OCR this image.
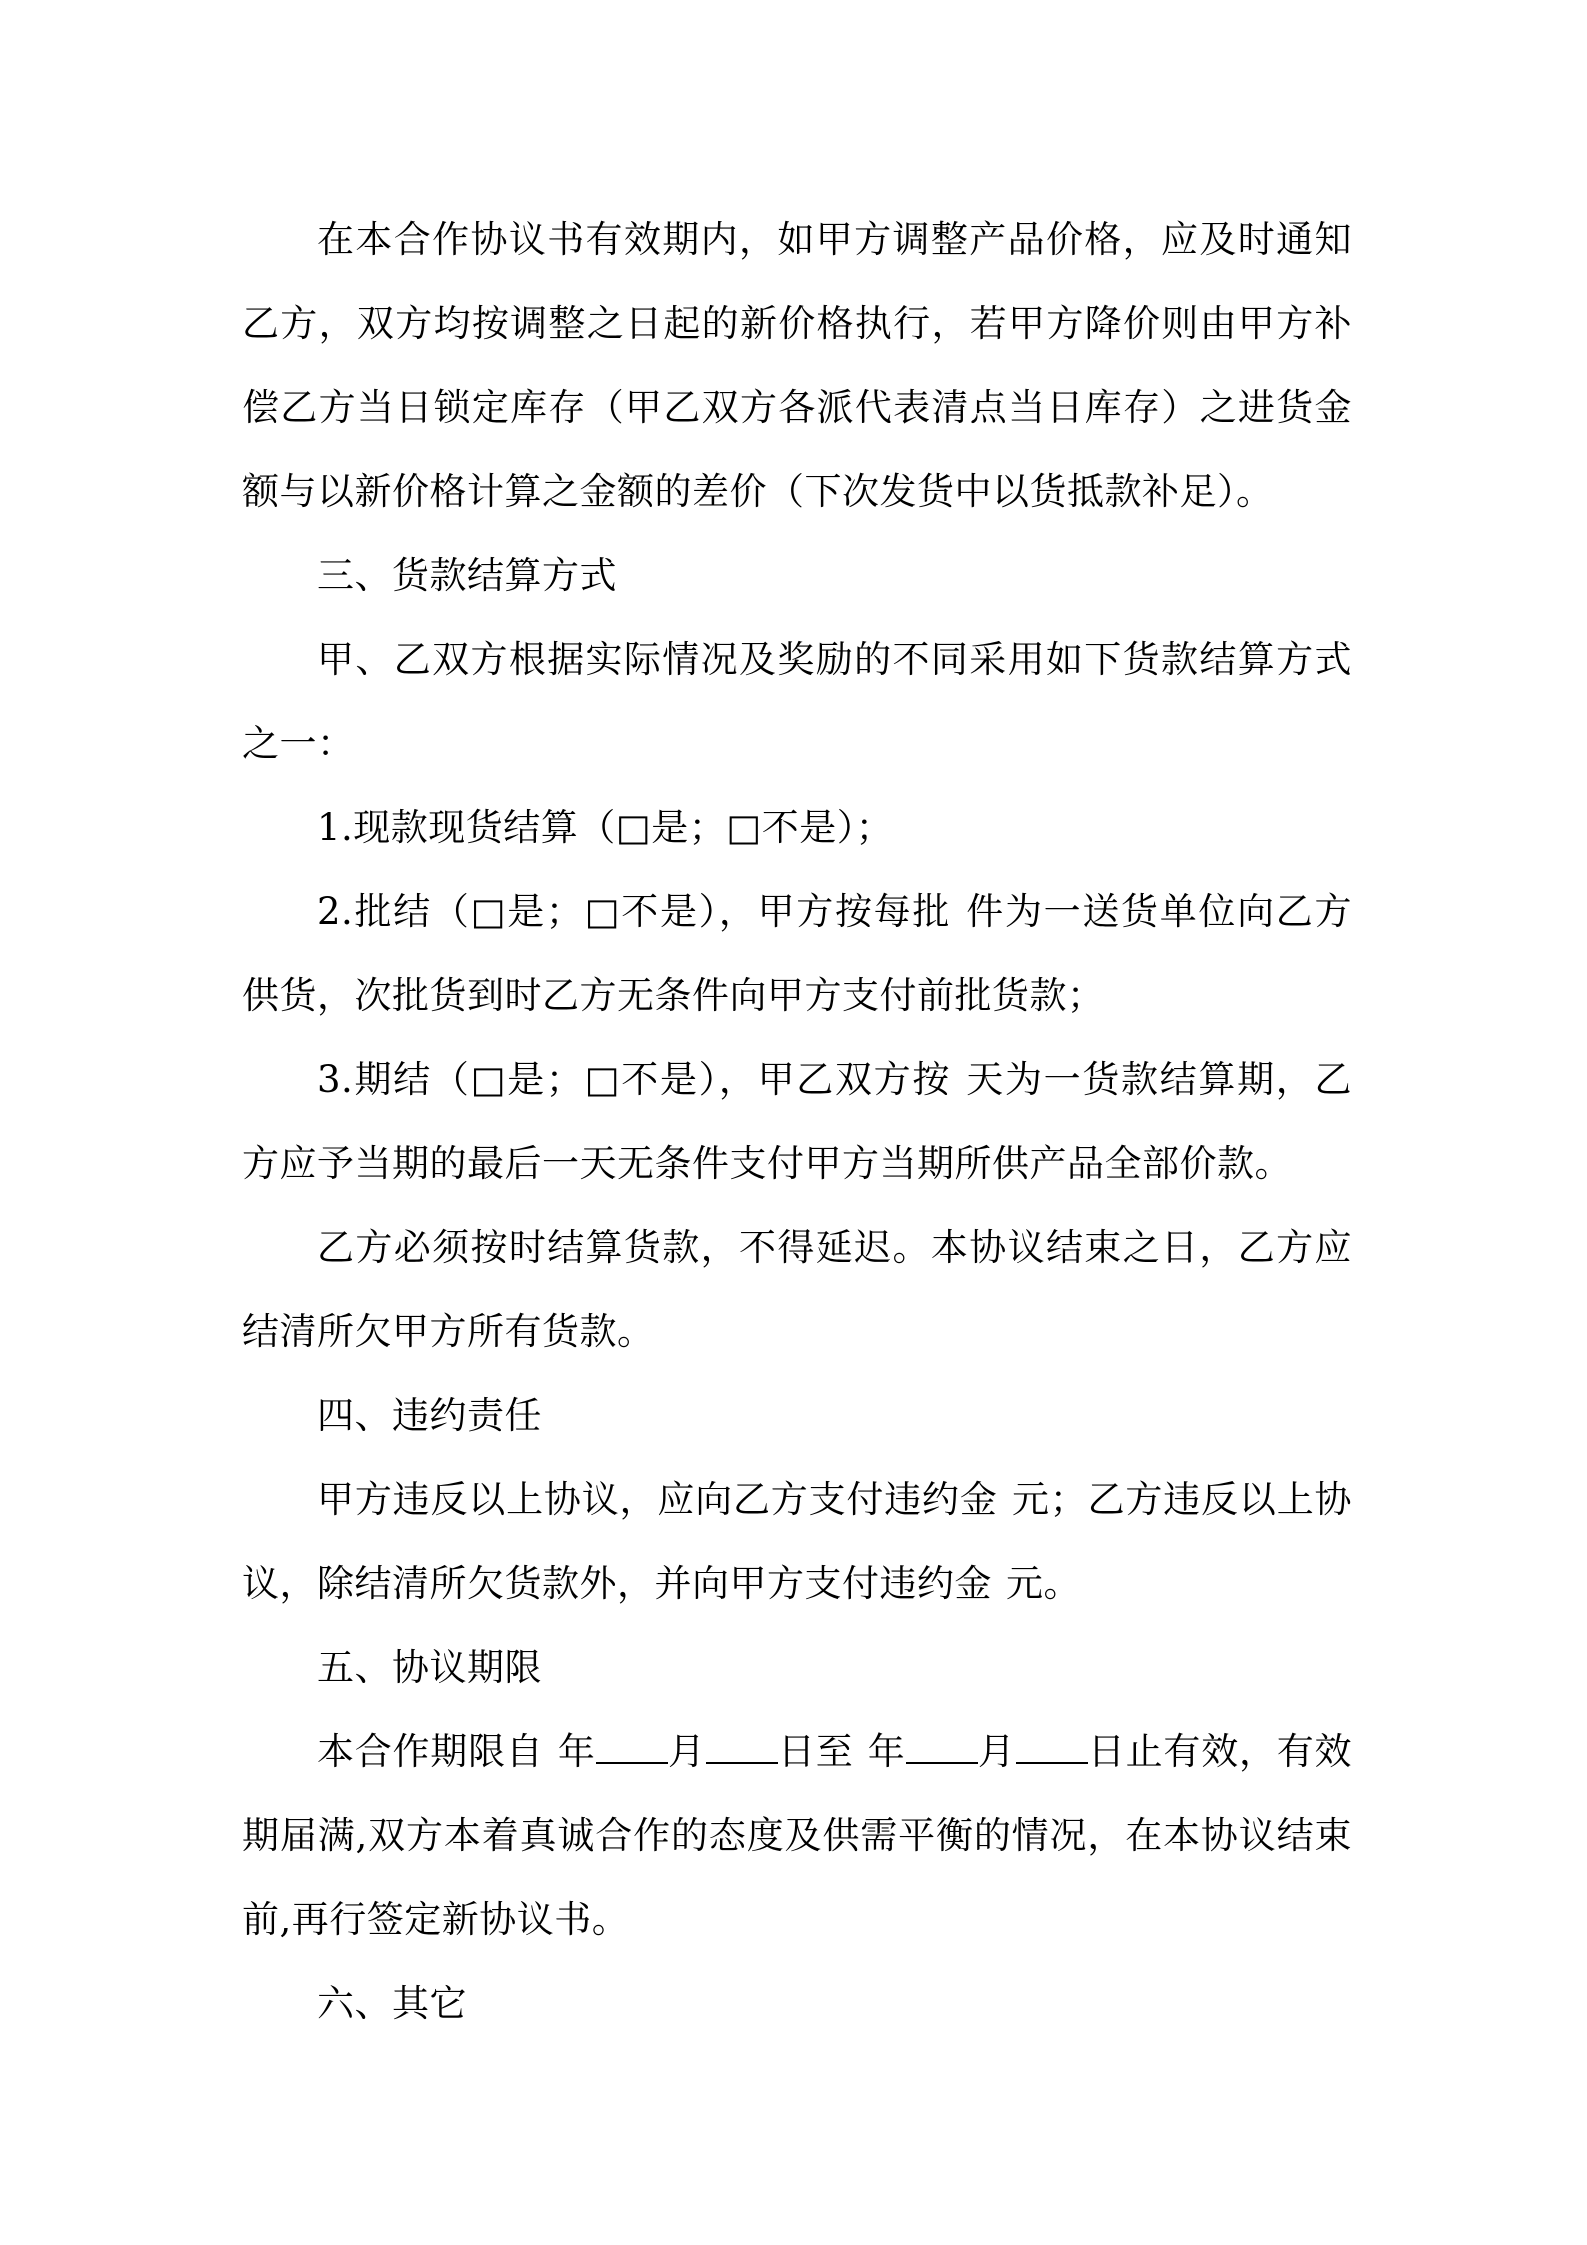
在本合作协议书有效期内，如甲方调整产品价格，应及时通知乙方，双方均按调整之日起的新价格执行，若甲方降价则由甲方补偿乙方当日锁定库存（甲乙双方各派代表清点当日库存）之进货金额与以新价格计算之金额的差价（下次发货中以货抵款补足）。

三、货款结算方式

甲、乙双方根据实际情况及奖励的不同采用如下货款结算方式之一：

1.现款现货结算（□是；□不是）；

2.批结（□是；□不是），甲方按每批 件为一送货单位向乙方供货，次批货到时乙方无条件向甲方支付前批货款；

3.期结（□是；□不是），甲乙双方按 天为一货款结算期，乙方应予当期的最后一天无条件支付甲方当期所供产品全部价款。

乙方必须按时结算货款，不得延迟。本协议结束之日，乙方应结清所欠甲方所有货款。

四、违约责任

甲方违反以上协议，应向乙方支付违约金 元；乙方违反以上协议，除结清所欠货款外，并向甲方支付违约金 元。

五、协议期限

本合作期限自 年 月 日至 年 月 日止有效，有效期届满,双方本着真诚合作的态度及供需平衡的情况，在本协议结束前,再行签定新协议书。

六、其它
